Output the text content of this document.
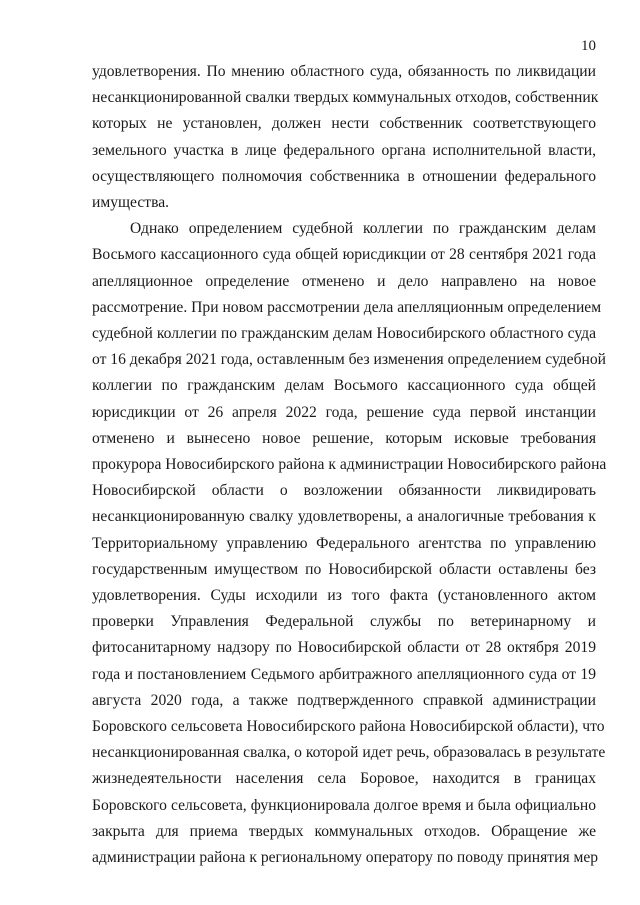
10
удовлетворения. По мнению областного суда, обязанность по ликвидации
несанкционированной свалки твердых коммунальных отходов, собственник
которых не установлен, должен нести собственник соответствующего
земельного участка в лице федерального органа исполнительной власти,
осуществляющего полномочия собственника в отношении федерального
имущества.
Однако определением судебной коллегии по гражданским делам
Восьмого кассационного суда общей юрисдикции от 28 сентября 2021 года
апелляционное определение отменено и дело направлено на новое
рассмотрение. При новом рассмотрении дела апелляционным определением
судебной коллегии по гражданским делам Новосибирского областного суда
от 16 декабря 2021 года, оставленным без изменения определением судебной
коллегии по гражданским делам Восьмого кассационного суда общей
юрисдикции от 26 апреля 2022 года, решение суда первой инстанции
отменено и вынесено новое решение, которым исковые требования
прокурора Новосибирского района к администрации Новосибирского района
Новосибирской области о возложении обязанности ликвидировать
несанкционированную свалку удовлетворены, а аналогичные требования к
Территориальному управлению Федерального агентства по управлению
государственным имуществом по Новосибирской области оставлены без
удовлетворения. Суды исходили из того факта (установленного актом
проверки Управления Федеральной службы по ветеринарному и
фитосанитарному надзору по Новосибирской области от 28 октября 2019
года и постановлением Седьмого арбитражного апелляционного суда от 19
августа 2020 года, а также подтвержденного справкой администрации
Боровского сельсовета Новосибирского района Новосибирской области), что
несанкционированная свалка, о которой идет речь, образовалась в результате
жизнедеятельности населения села Боровое, находится в границах
Боровского сельсовета, функционировала долгое время и была официально
закрыта для приема твердых коммунальных отходов. Обращение же
администрации района к региональному оператору по поводу принятия мер
